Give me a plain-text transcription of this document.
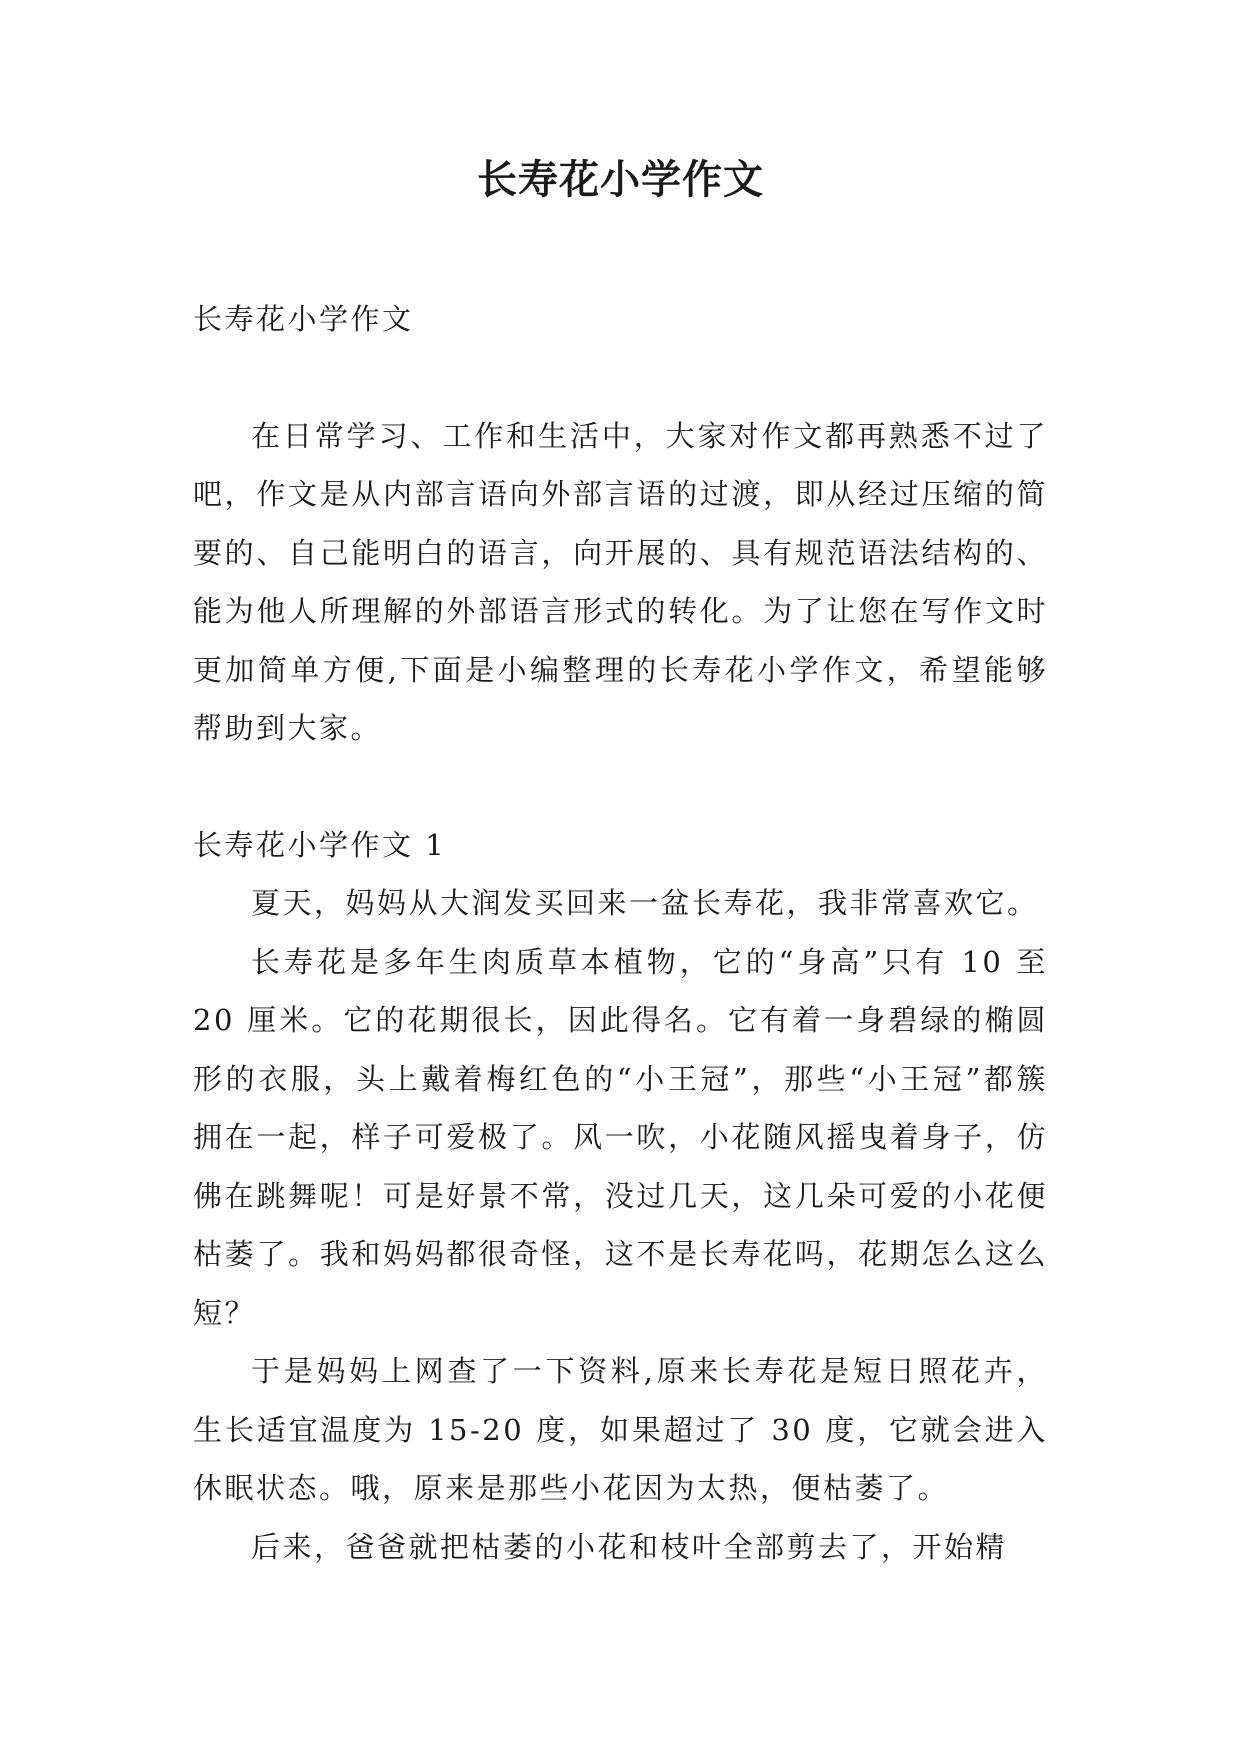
长寿花小学作文

长寿花小学作文

在日常学习、工作和生活中，大家对作文都再熟悉不过了吧，作文是从内部言语向外部言语的过渡，即从经过压缩的简要的、自己能明白的语言，向开展的、具有规范语法结构的、能为他人所理解的外部语言形式的转化。为了让您在写作文时更加简单方便,下面是小编整理的长寿花小学作文，希望能够帮助到大家。

长寿花小学作文 1

夏天，妈妈从大润发买回来一盆长寿花，我非常喜欢它。

长寿花是多年生肉质草本植物，它的“身高”只有 10 至 20 厘米。它的花期很长，因此得名。它有着一身碧绿的椭圆形的衣服，头上戴着梅红色的“小王冠”，那些“小王冠”都簇拥在一起，样子可爱极了。风一吹，小花随风摇曳着身子，仿佛在跳舞呢！可是好景不常，没过几天，这几朵可爱的小花便枯萎了。我和妈妈都很奇怪，这不是长寿花吗，花期怎么这么短？

于是妈妈上网查了一下资料,原来长寿花是短日照花卉，生长适宜温度为 15-20 度，如果超过了 30 度，它就会进入休眠状态。哦，原来是那些小花因为太热，便枯萎了。

后来，爸爸就把枯萎的小花和枝叶全部剪去了，开始精
